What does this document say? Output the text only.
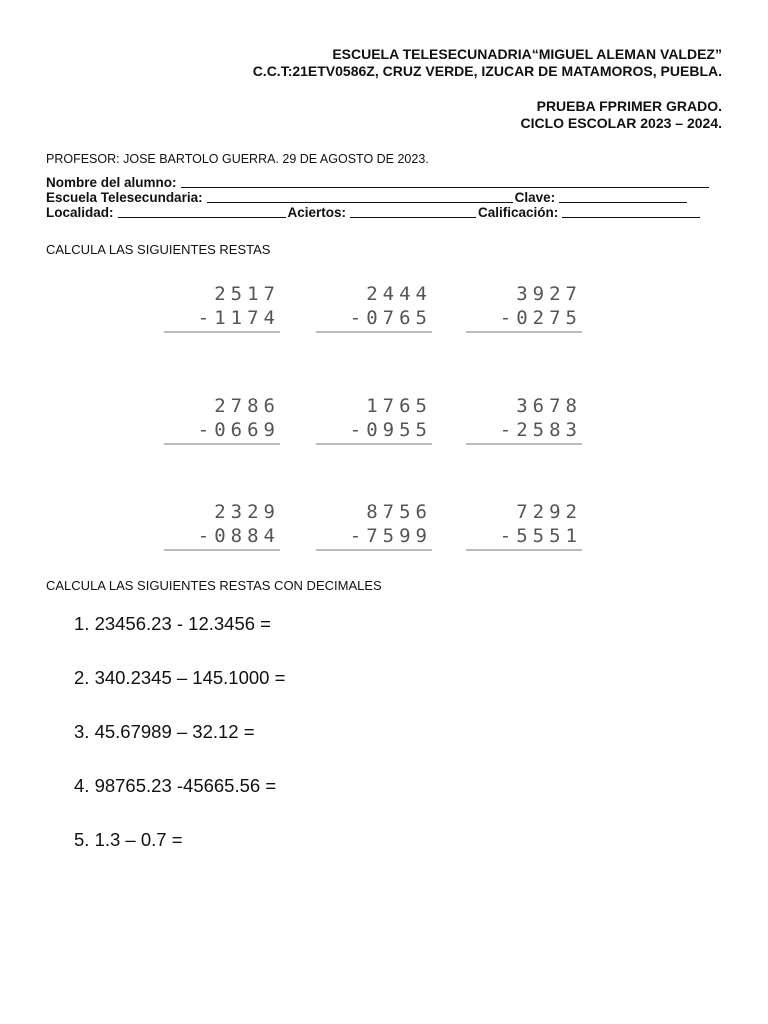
ESCUELA TELESECUNADRIA“MIGUEL ALEMAN VALDEZ”
C.C.T:21ETV0586Z, CRUZ VERDE, IZUCAR DE MATAMOROS, PUEBLA.
PRUEBA FPRIMER GRADO.
CICLO ESCOLAR 2023 – 2024.
PROFESOR: JOSE BARTOLO GUERRA. 29 DE AGOSTO DE 2023.
Nombre del alumno:
Escuela Telesecundaria:	Clave:
Localidad:	Aciertos:	Calificación:
CALCULA LAS SIGUIENTES RESTAS
2517
-1174
2444
-0765
3927
-0275
2786
-0669
1765
-0955
3678
-2583
2329
-0884
8756
-7599
7292
-5551
CALCULA LAS SIGUIENTES RESTAS CON DECIMALES
1. 23456.23 - 12.3456 =
2. 340.2345 – 145.1000 =
3. 45.67989 – 32.12 =
4. 98765.23 -45665.56 =
5. 1.3 – 0.7 =
